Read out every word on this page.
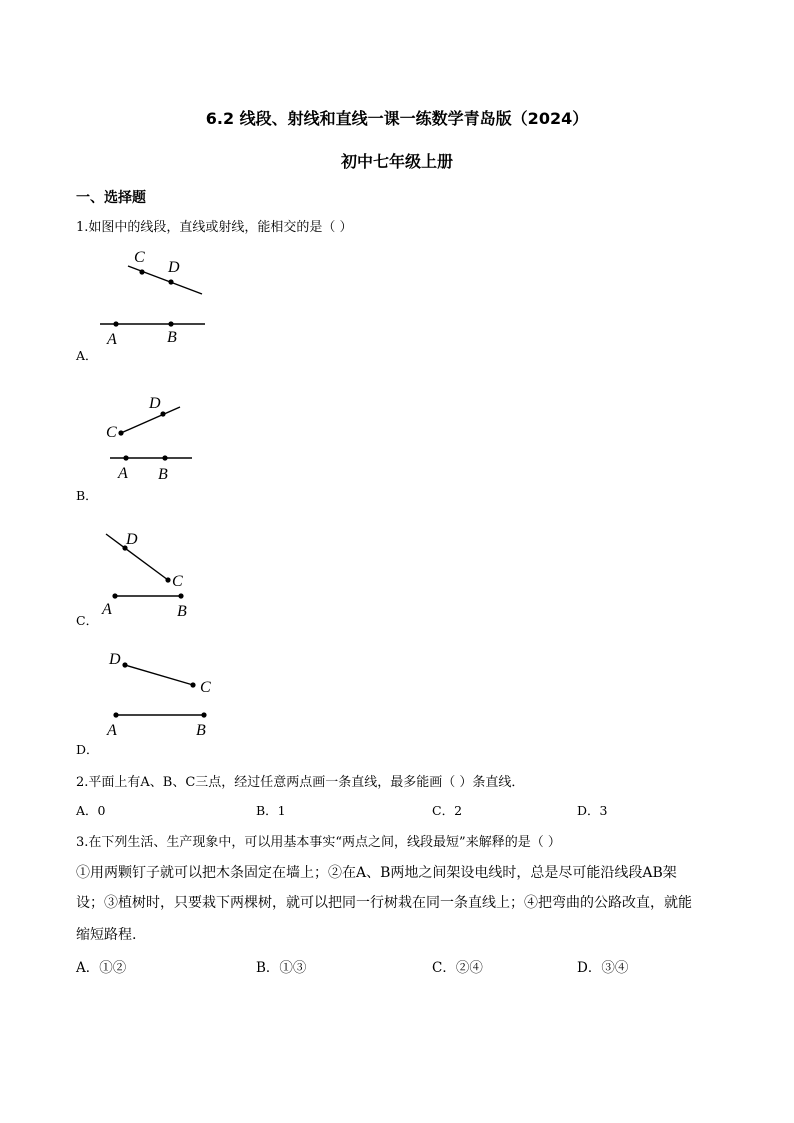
6.2 线段、射线和直线一课一练数学青岛版（2024）
初中七年级上册
一、选择题
1.如图中的线段，直线或射线，能相交的是（ ）
C
D
A	B
A．
C
D
A B
B．
D
C
A	B
C．
D
C
A	B
D．
2.平面上有A、B、C三点，经过任意两点画一条直线，最多能画（ ）条直线．
A．0	B．1	C．2	D．3
3.在下列生活、生产现象中，可以用基本事实“两点之间，线段最短”来解释的是（ ）
①用两颗钉子就可以把木条固定在墙上；②在A、B两地之间架设电线时，总是尽可能沿线段AB架
设；③植树时，只要栽下两棵树，就可以把同一行树栽在同一条直线上；④把弯曲的公路改直，就能
缩短路程.
A．①②	B．①③	C．②④	D．③④
